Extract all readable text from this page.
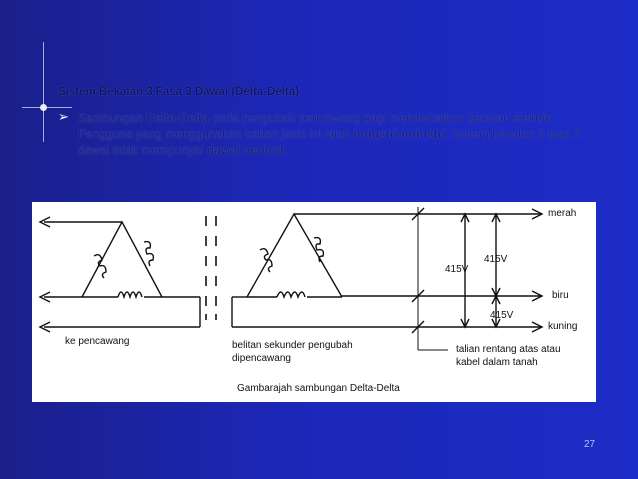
Sistem Bekalan 3 Fasa 3 Dawai (Delta-Delta)
➢ Sambungan Delta-Delta pada pengubah pencawang bagi membekalkan bekalan elektrik. Pengguna yang menggunakan beban jenis ini ialah industri-industri. Sistem bekalan 3 fasa 3 dawai tidak mempunyai dawai neutral.
merah
biru
kuning
415V
415V
415V
ke pencawang	belitan sekunder pengubah
dipencawang
talian rentang atas atau
kabel dalam tanah
Gambarajah sambungan Delta-Delta
27
